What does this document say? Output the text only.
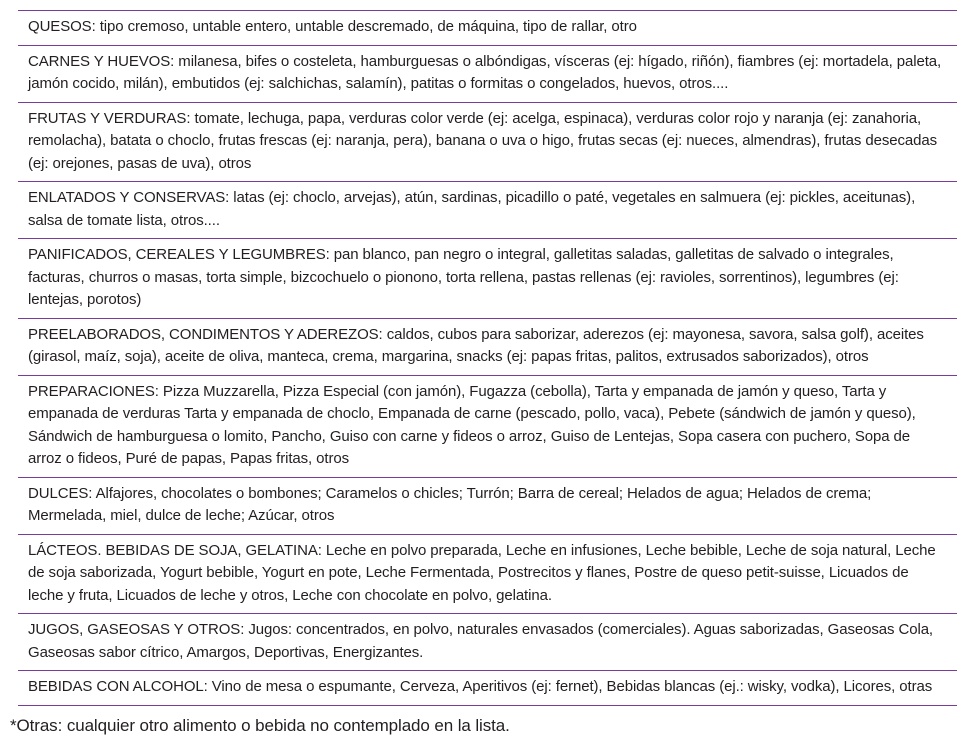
QUESOS: tipo cremoso, untable entero, untable descremado, de máquina, tipo de rallar, otro
CARNES Y HUEVOS: milanesa, bifes o costeleta, hamburguesas o albóndigas, vísceras (ej: hígado, riñón), fiambres (ej: mortadela, paleta, jamón cocido, milán), embutidos (ej: salchichas, salamín), patitas o formitas o congelados, huevos, otros....
FRUTAS Y VERDURAS: tomate, lechuga, papa, verduras color verde (ej: acelga, espinaca), verduras color rojo y naranja (ej: zanahoria, remolacha), batata o choclo, frutas frescas (ej: naranja, pera), banana o uva o higo, frutas secas (ej: nueces, almendras), frutas desecadas (ej: orejones, pasas de uva), otros
ENLATADOS Y CONSERVAS: latas (ej: choclo, arvejas), atún, sardinas, picadillo o paté, vegetales en salmuera (ej: pickles, aceitunas), salsa de tomate lista, otros....
PANIFICADOS, CEREALES Y LEGUMBRES: pan blanco, pan negro o integral, galletitas saladas, galletitas de salvado o integrales, facturas, churros o masas, torta simple, bizcochuelo o pionono, torta rellena, pastas rellenas (ej: ravioles, sorrentinos), legumbres (ej: lentejas, porotos)
PREELABORADOS, CONDIMENTOS Y ADEREZOS: caldos, cubos para saborizar, aderezos (ej: mayonesa, savora, salsa golf), aceites (girasol, maíz, soja), aceite de oliva, manteca, crema, margarina, snacks (ej: papas fritas, palitos, extrusados saborizados), otros
PREPARACIONES: Pizza Muzzarella, Pizza Especial (con jamón), Fugazza (cebolla), Tarta y empanada de jamón y queso, Tarta y empanada de verduras Tarta y empanada de choclo, Empanada de carne (pescado, pollo, vaca), Pebete (sándwich de jamón y queso), Sándwich de hamburguesa o lomito, Pancho, Guiso con carne y fideos o arroz, Guiso de Lentejas, Sopa casera con puchero, Sopa de arroz o fideos, Puré de papas, Papas fritas, otros
DULCES: Alfajores, chocolates o bombones; Caramelos o chicles; Turrón; Barra de cereal; Helados de agua; Helados de crema; Mermelada, miel, dulce de leche; Azúcar, otros
LÁCTEOS. BEBIDAS DE SOJA, GELATINA: Leche en polvo preparada, Leche en infusiones, Leche bebible, Leche de soja natural, Leche de soja saborizada, Yogurt bebible, Yogurt en pote, Leche Fermentada, Postrecitos y flanes, Postre de queso petit-suisse, Licuados de leche y fruta, Licuados de leche y otros, Leche con chocolate en polvo, gelatina.
JUGOS, GASEOSAS Y OTROS: Jugos: concentrados, en polvo, naturales envasados (comerciales). Aguas saborizadas, Gaseosas Cola, Gaseosas sabor cítrico, Amargos, Deportivas, Energizantes.
BEBIDAS CON ALCOHOL: Vino de mesa o espumante, Cerveza, Aperitivos (ej: fernet), Bebidas blancas (ej.: wisky, vodka), Licores, otras

*Otras: cualquier otro alimento o bebida no contemplado en la lista.
